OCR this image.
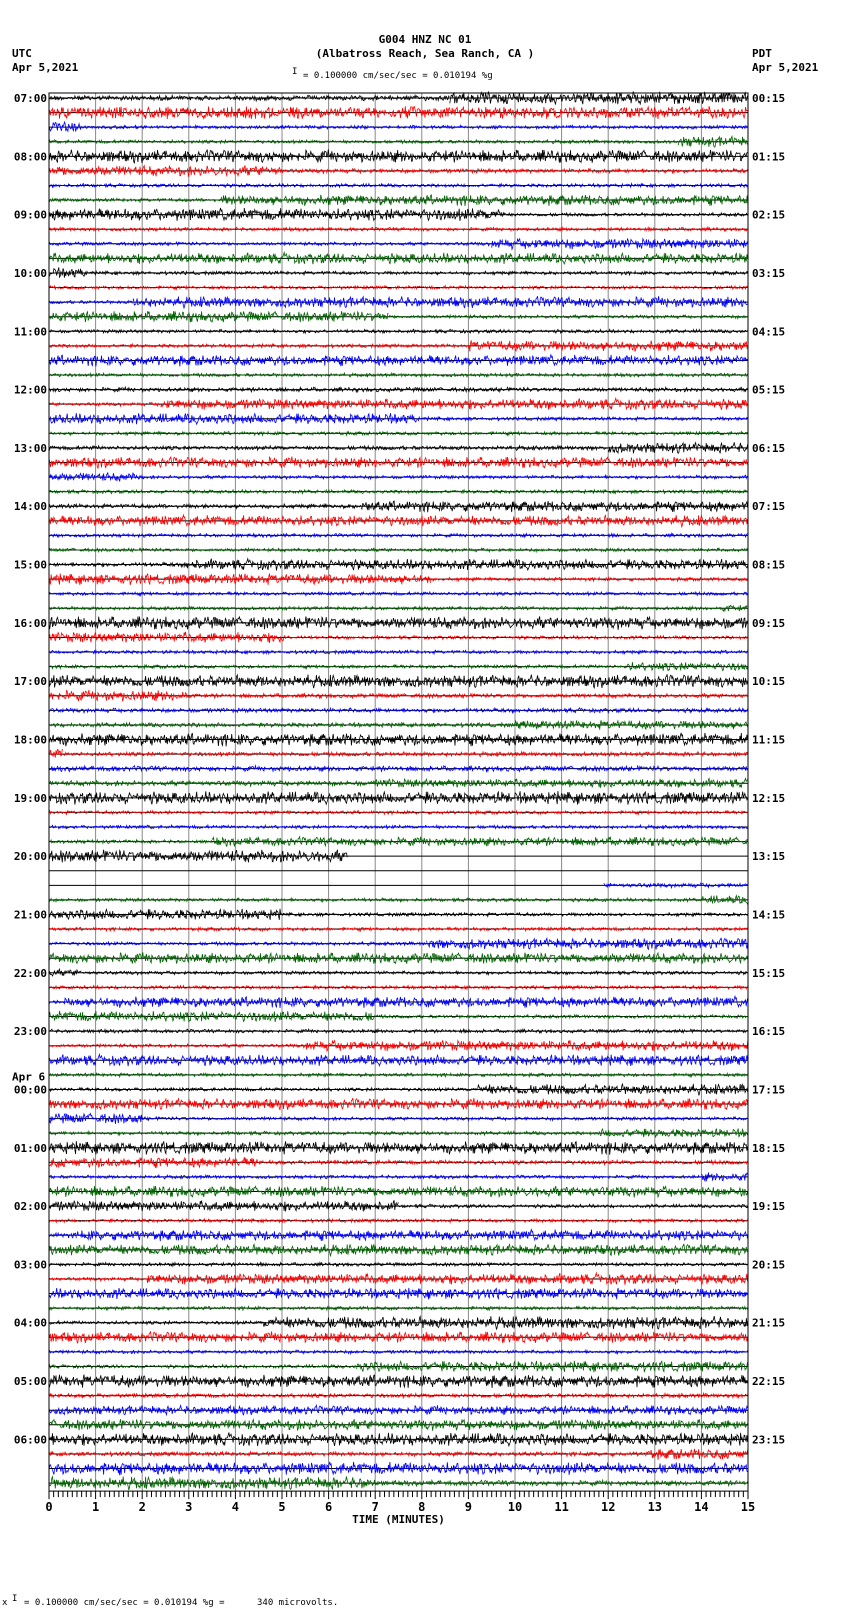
G004 HNZ NC 01
(Albatross Reach, Sea Ranch, CA )
UTC
Apr 5,2021
PDT
Apr 5,2021
I = 0.100000 cm/sec/sec = 0.010194 %g
0	1	2	3	4	5	6	7	8	9	10	11	12	13	14	15
TIME (MINUTES)
07:00
08:00
09:00
10:00
11:00
12:00
13:00
14:00
15:00
16:00
17:00
18:00
19:00
20:00
21:00
22:00
23:00
00:00
Apr 6
01:00
02:00
03:00
04:00
05:00
06:00
00:15
01:15
02:15
03:15
04:15
05:15
06:15
07:15
08:15
09:15
10:15
11:15
12:15
13:15
14:15
15:15
16:15
17:15
18:15
19:15
20:15
21:15
22:15
23:15
x I = 0.100000 cm/sec/sec = 0.010194 %g =      340 microvolts.
